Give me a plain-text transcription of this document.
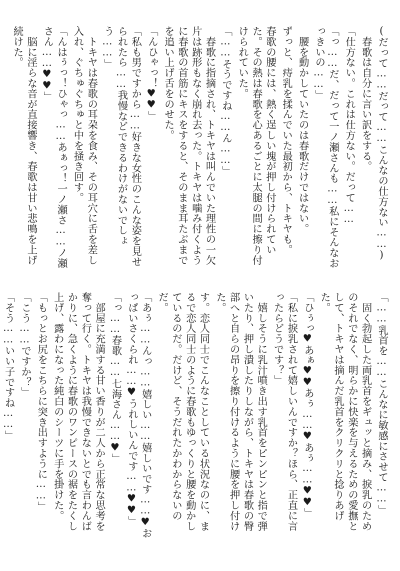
(だって……だって……こんなの仕方ない……)

　春歌は自分に言い訳をする。

「仕方ない。これは仕方ない。だって……

「っ……だ、だって一ノ瀬さんも……私にそんなおっきいの……」

　腰を動かしていたのは春歌だけではない。

ずっと、痔乳を揉んでいた最初から、トキヤも。

春歌の腰には、熱く逞しい塊が押し付けられていた。その熱は春歌を心あるごとに太腿の間に擦り付けられていた。

「……そうですね……ん……」

　春歌に指摘され、トキヤは叫んでいた理性の一欠片は跡形もなく崩れ去った。トキヤは噛み付くように春歌の首筋にキスをすると、そのまま耳たぶまでを追い上げ舌をのせた。

「んひゃっ！♥♥」

「私も男ですから……好きな女性のこんな姿を見せられたら……我慢などできるわけがないでしょう……」

　トキヤは春歌の耳朶を食み、その耳穴に舌を差し入れ、ぐちゅぐちゅと中を掻き回す。

「んはぅっ！ひゃっ……あぁっ！一ノ瀬さ……ノ瀬さん……♥♥」

　脳に淫らな音が直接響き、春歌は甘い悲鳴を上げ続けた。

「……乳首を……こんなに敏感にさせて……」

　固く勃起した両乳首をギュッと摘み、捩乳のためのそれでなく、明らかに快楽を与えるための愛撫として、トキヤは摘んだ乳首をクリクリと捻りあげた。

「ひぅっ♥あぁ♥♥あぅ……♥あぅ……♥♥」

「私に捩乳されて嬉しいんですか？ほら、正直に言ったらどうです？」

　嬉しそうに乳汁噴き出す乳首をピンピンと指で弾いたり、押し潰したりしながら、トキヤは春歌の臀部へと自らの昂りを擦り付けるように腰を押し付けた。

す。恋人同士でこんなことしている状況なのに、まるで恋人同士のように春歌もゆっくりと腰を動かしているのだ。だけど、そうだれたかわからないのだ。

「あぅ……んっ……嬉しい……嬉しいです……♥おっぱいさくられ……♥うれしいんです……♥♥」

「っ……春歌……七海さん……♥」

　部屋に充満する甘い香りが二人から正常な思考を奪って行く。トキヤは我慢できないとでも言わんばかりに、急くように春歌のワンピースの裾をたくし上げ、露わになった純白のシーツに手を掛けた。

「もっとお尻をこちらに突き出すように……」

「こう……ですか？」

「そう……いい子ですね……」
